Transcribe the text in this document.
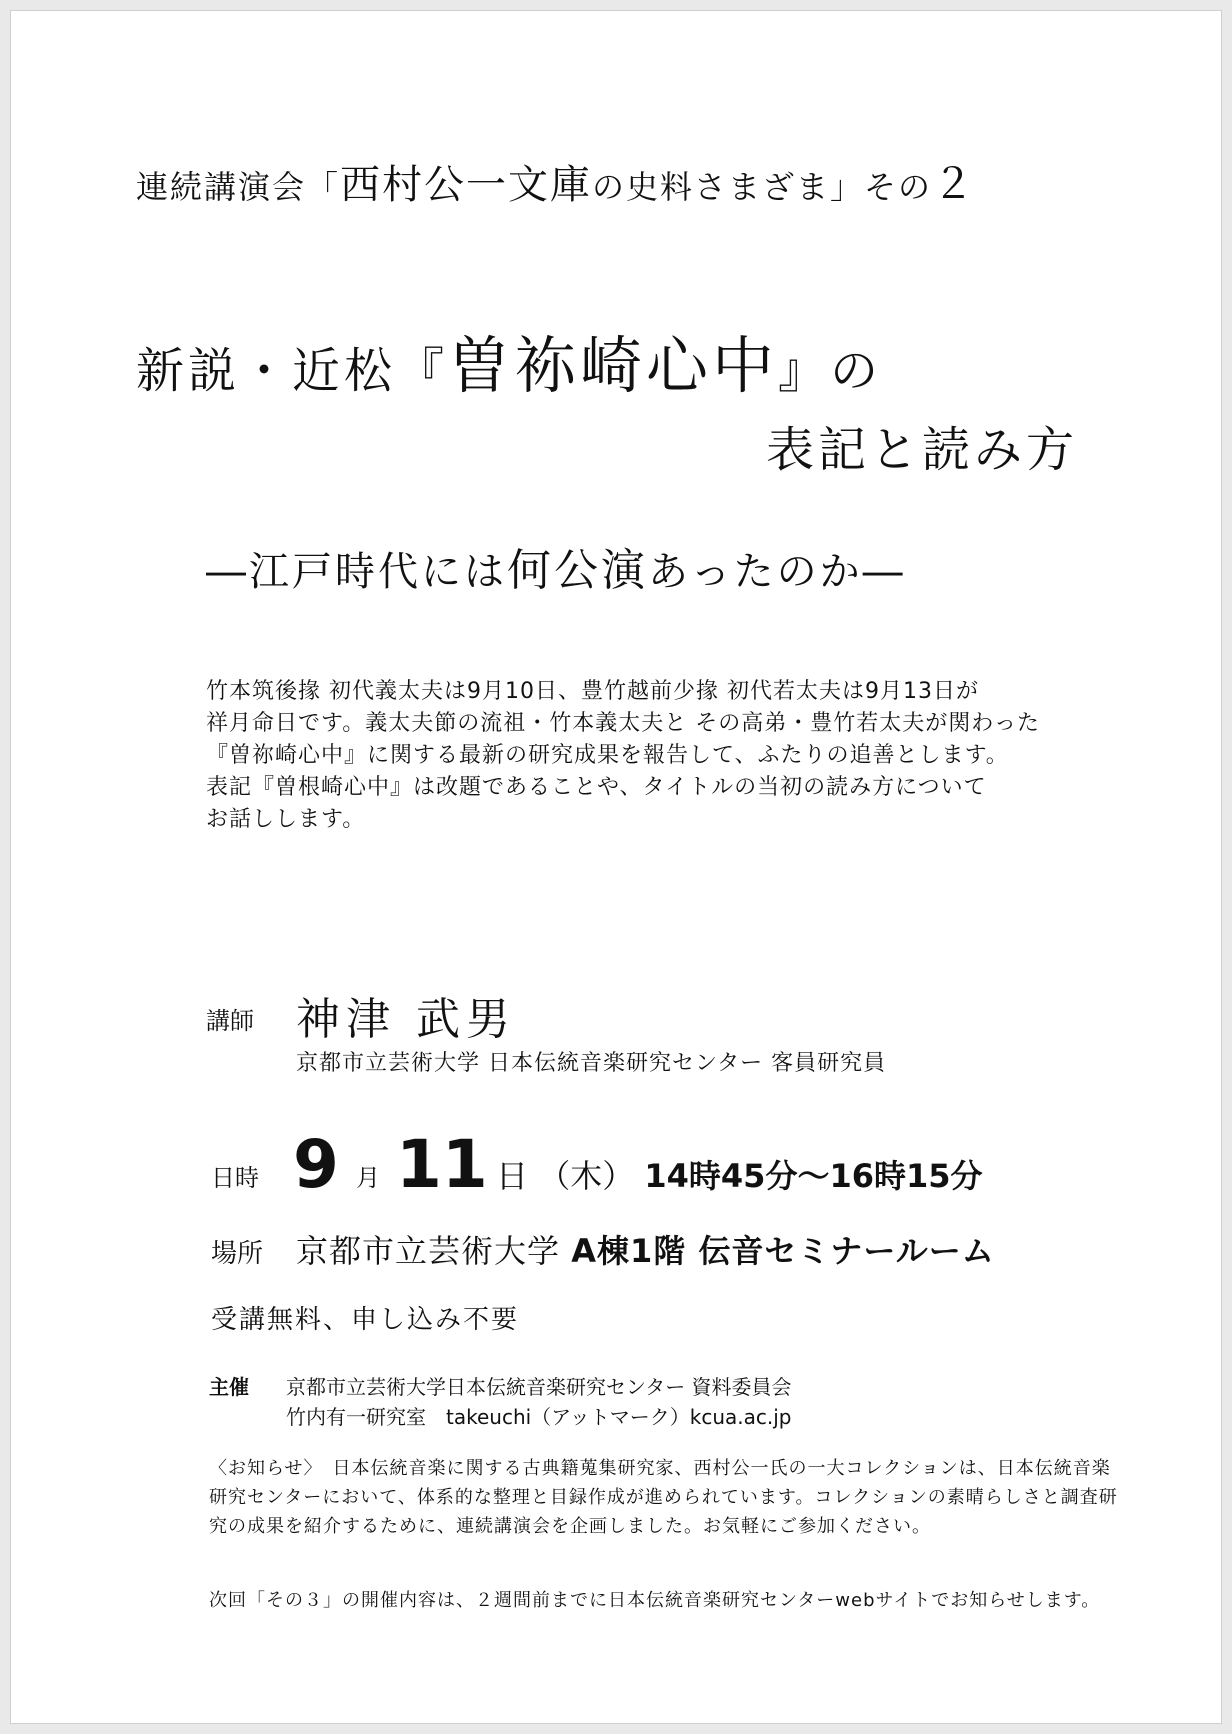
連続講演会「西村公一文庫の史料さまざま」その２
新説・近松『曽袮崎心中』の
表記と読み方
―江戸時代には何公演あったのか―
竹本筑後掾 初代義太夫は9月10日、豊竹越前少掾 初代若太夫は9月13日が
祥月命日です。義太夫節の流祖・竹本義太夫と その高弟・豊竹若太夫が関わった
『曽祢崎心中』に関する最新の研究成果を報告して、ふたりの追善とします。
表記『曽根崎心中』は改題であることや、タイトルの当初の読み方について
お話しします。
講師 神津 武男
京都市立芸術大学 日本伝統音楽研究センター 客員研究員
日時 9 月 11 日 （木） 14時45分～16時15分
場所 京都市立芸術大学 A棟1階 伝音セミナールーム
受講無料、申し込み不要
主催 京都市立芸術大学日本伝統音楽研究センター 資料委員会
竹内有一研究室　takeuchi（アットマーク）kcua.ac.jp
〈お知らせ〉　日本伝統音楽に関する古典籍蒐集研究家、西村公一氏の一大コレクションは、日本伝統音楽研究センターにおいて、体系的な整理と目録作成が進められています。コレクションの素晴らしさと調査研究の成果を紹介するために、連続講演会を企画しました。お気軽にご参加ください。
次回「その３」の開催内容は、２週間前までに日本伝統音楽研究センターwebサイトでお知らせします。
